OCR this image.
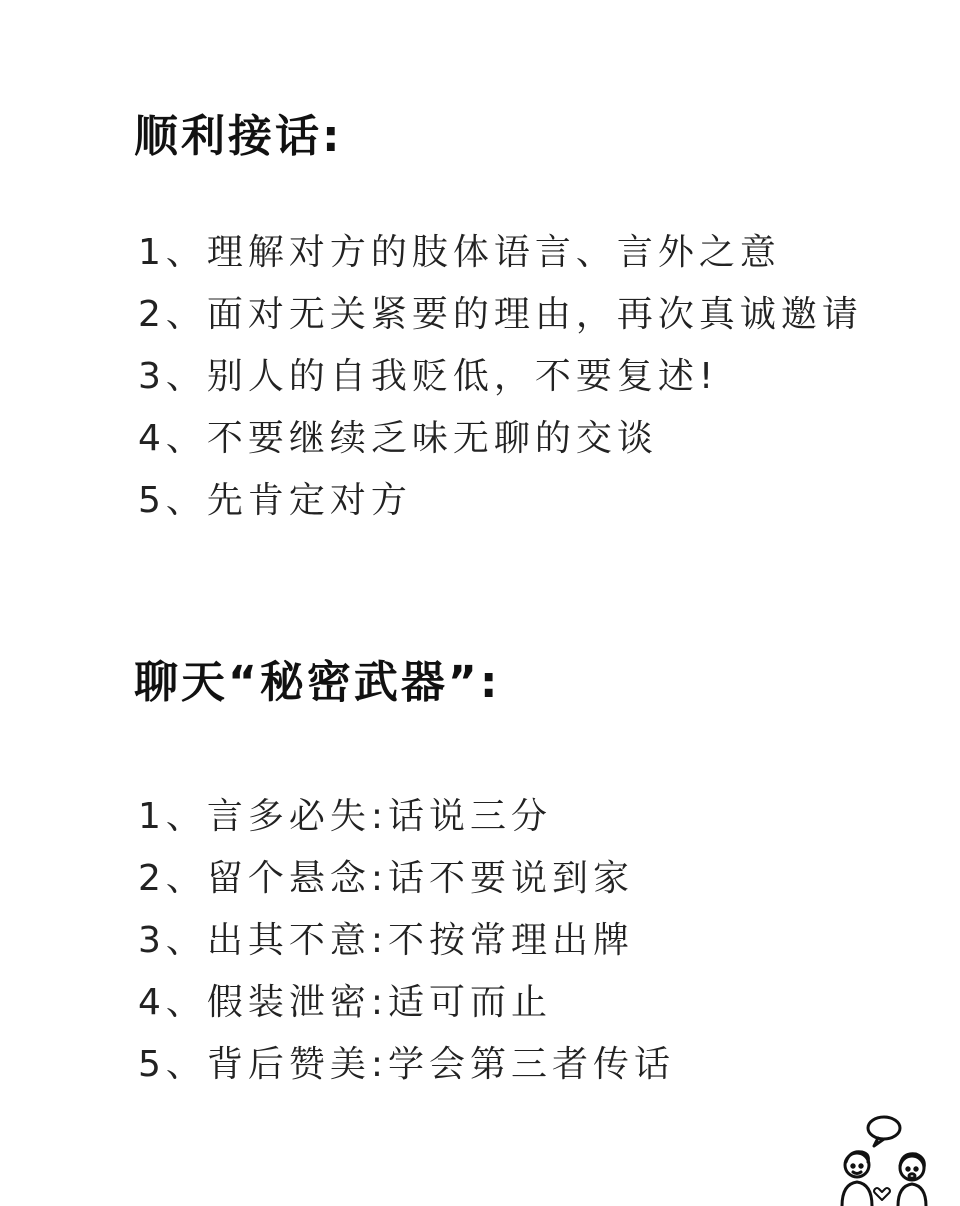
顺利接话:
1、理解对方的肢体语言、言外之意
2、面对无关紧要的理由，再次真诚邀请
3、别人的自我贬低，不要复述!
4、不要继续乏味无聊的交谈
5、先肯定对方
聊天“秘密武器”:
1、言多必失:话说三分
2、留个悬念:话不要说到家
3、出其不意:不按常理出牌
4、假装泄密:适可而止
5、背后赞美:学会第三者传话
